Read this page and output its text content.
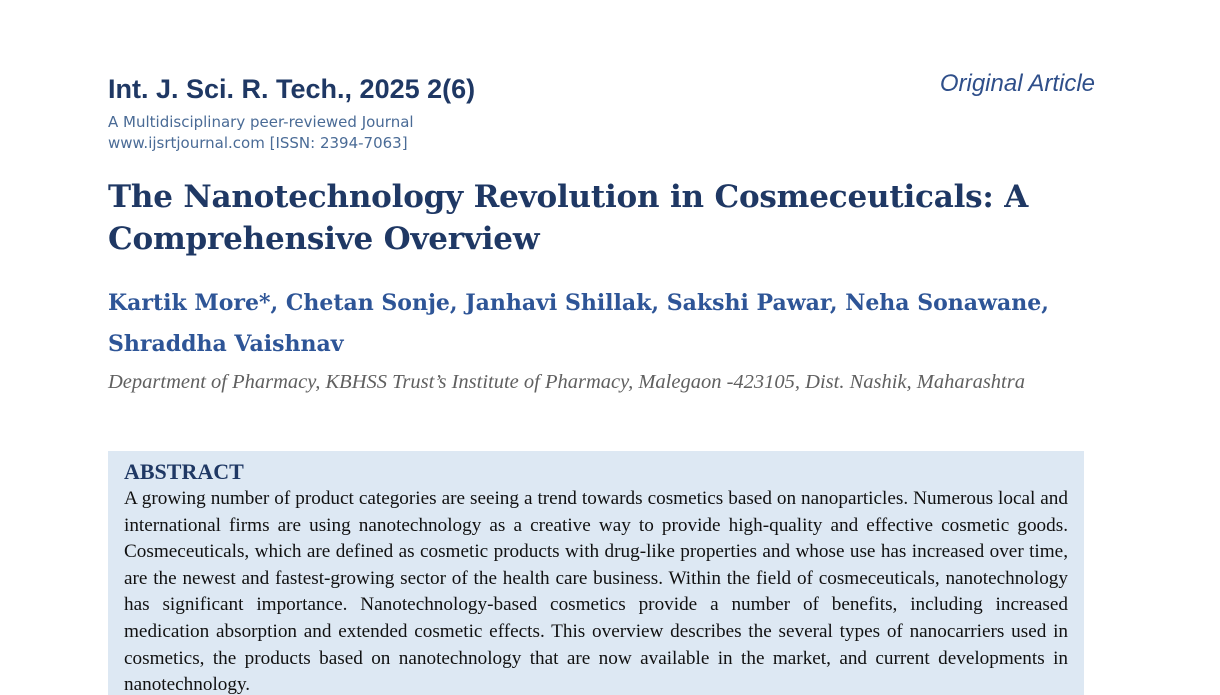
Int. J. Sci. R. Tech., 2025 2(6)
A Multidisciplinary peer-reviewed Journal
www.ijsrtjournal.com [ISSN: 2394-7063]
Original Article
The Nanotechnology Revolution in Cosmeceuticals: A Comprehensive Overview
Kartik More*, Chetan Sonje, Janhavi Shillak, Sakshi Pawar, Neha Sonawane, Shraddha Vaishnav
Department of Pharmacy, KBHSS Trust’s Institute of Pharmacy, Malegaon -423105, Dist. Nashik, Maharashtra
ABSTRACT
A growing number of product categories are seeing a trend towards cosmetics based on nanoparticles. Numerous local and international firms are using nanotechnology as a creative way to provide high-quality and effective cosmetic goods. Cosmeceuticals, which are defined as cosmetic products with drug-like properties and whose use has increased over time, are the newest and fastest-growing sector of the health care business. Within the field of cosmeceuticals, nanotechnology has significant importance. Nanotechnology-based cosmetics provide a number of benefits, including increased medication absorption and extended cosmetic effects. This overview describes the several types of nanocarriers used in cosmetics, the products based on nanotechnology that are now available in the market, and current developments in nanotechnology.
